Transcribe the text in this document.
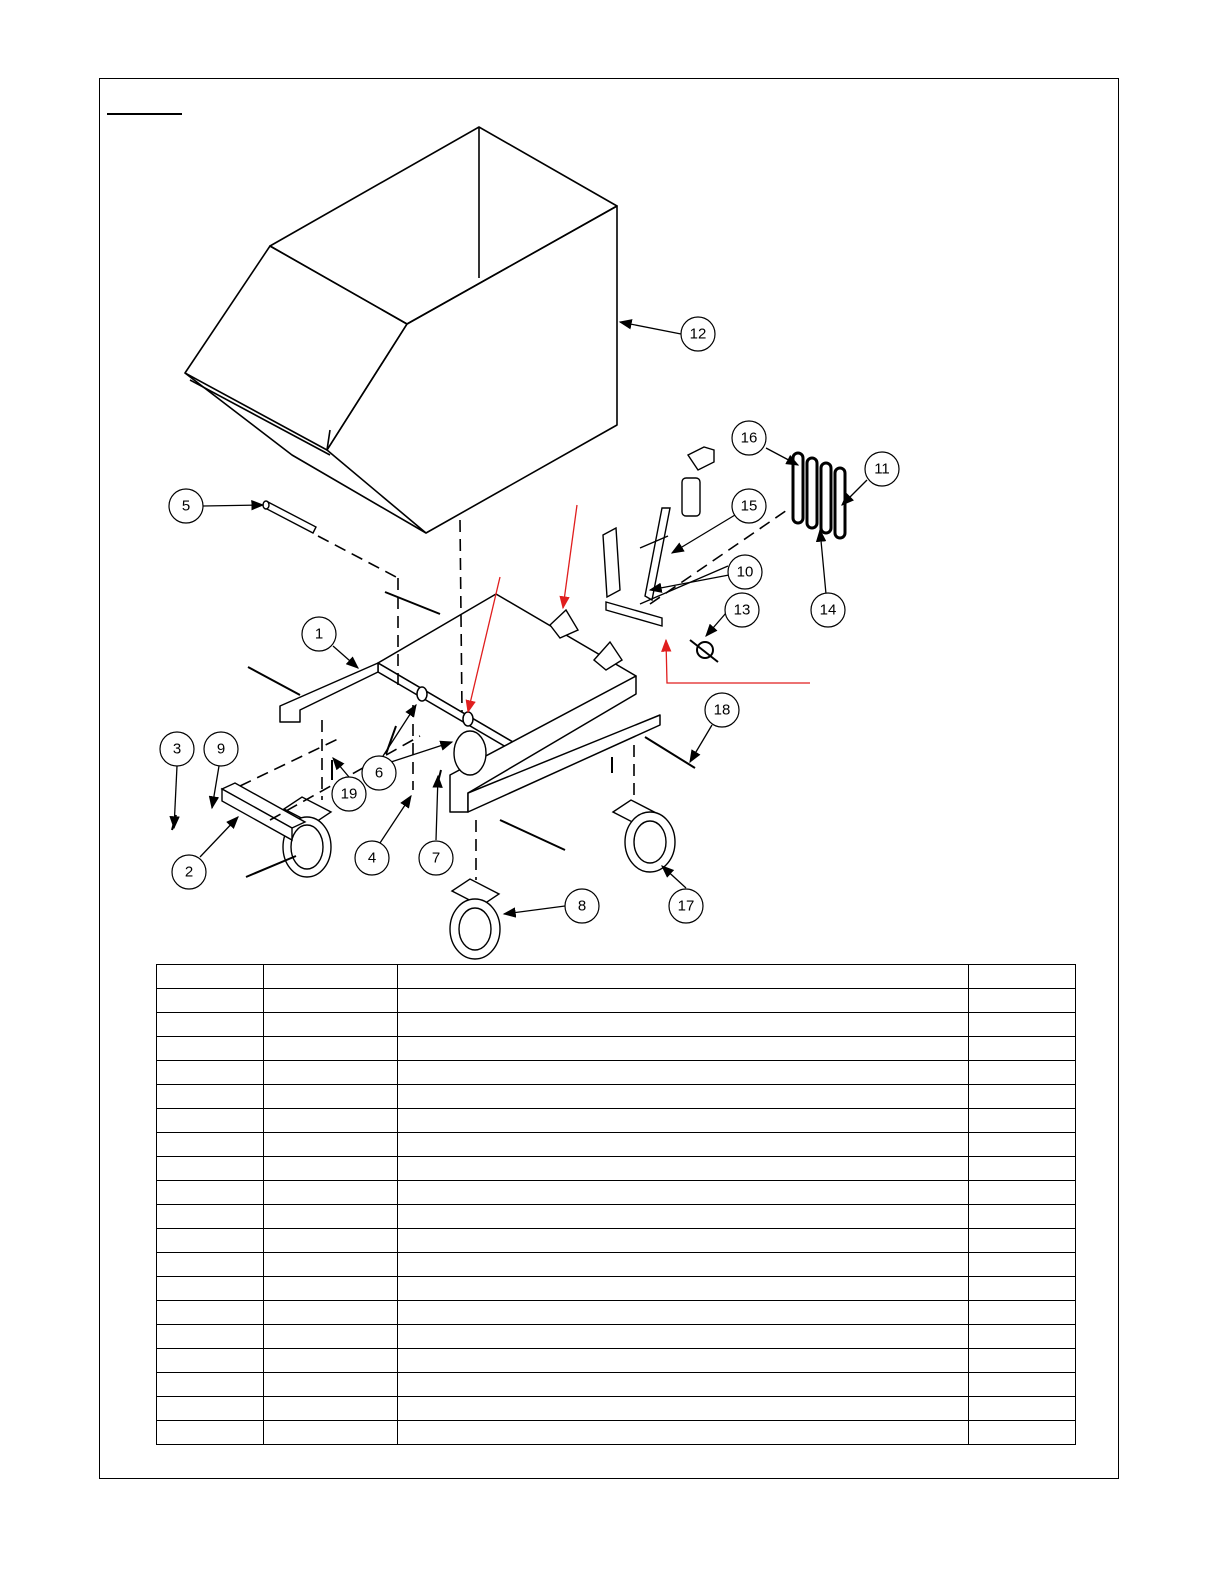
12
5
1
3 9
2
4
6
7
19
8	17
18
10
15
13
16
11
14
